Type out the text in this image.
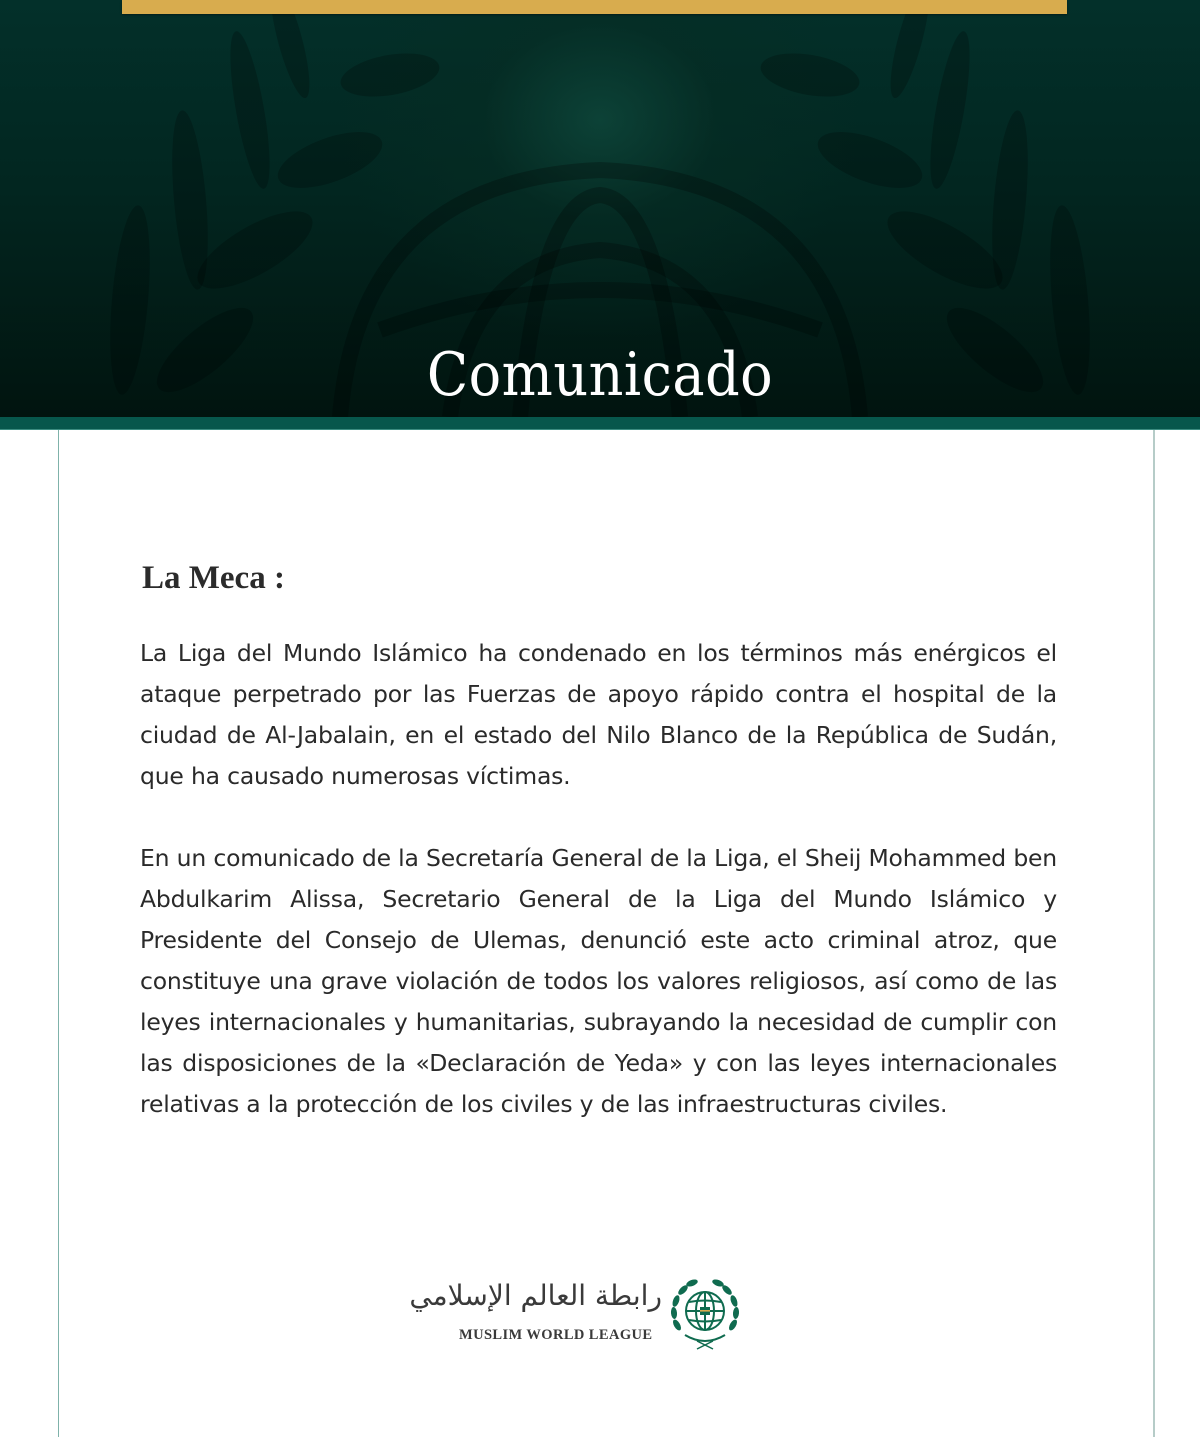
Comunicado
La Meca :

La Liga del Mundo Islámico ha condenado en los términos más enérgicos el ataque perpetrado por las Fuerzas de apoyo rápido contra el hospital de la ciudad de Al-Jabalain, en el estado del Nilo Blanco de la República de Sudán, que ha causado numerosas víctimas.

En un comunicado de la Secretaría General de la Liga, el Sheij Mohammed ben Abdulkarim Alissa, Secretario General de la Liga del Mundo Islámico y Presidente del Consejo de Ulemas, denunció este acto criminal atroz, que constituye una grave violación de todos los valores religiosos, así como de las leyes internacionales y humanitarias, subrayando la necesidad de cumplir con las disposiciones de la «Declaración de Yeda» y con las leyes internacionales relativas a la protección de los civiles y de las infraestructuras civiles.

رابطة العالم الإسلامي
MUSLIM WORLD LEAGUE
